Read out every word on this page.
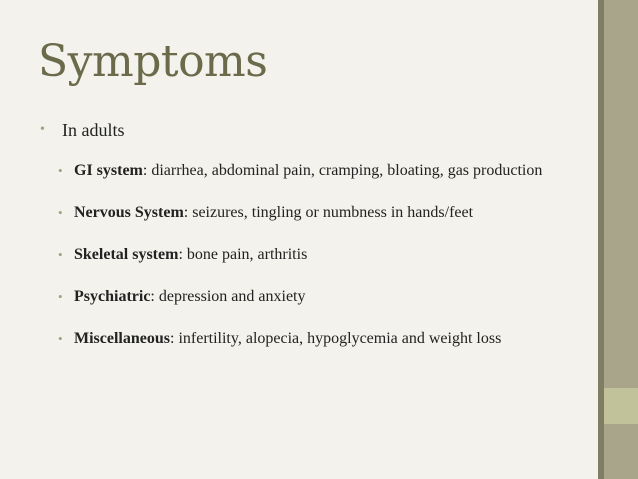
Symptoms
• In adults
• GI system: diarrhea, abdominal pain, cramping, bloating, gas production
• Nervous System: seizures, tingling or numbness in hands/feet
• Skeletal system: bone pain, arthritis
• Psychiatric: depression and anxiety
• Miscellaneous: infertility, alopecia, hypoglycemia and weight loss
